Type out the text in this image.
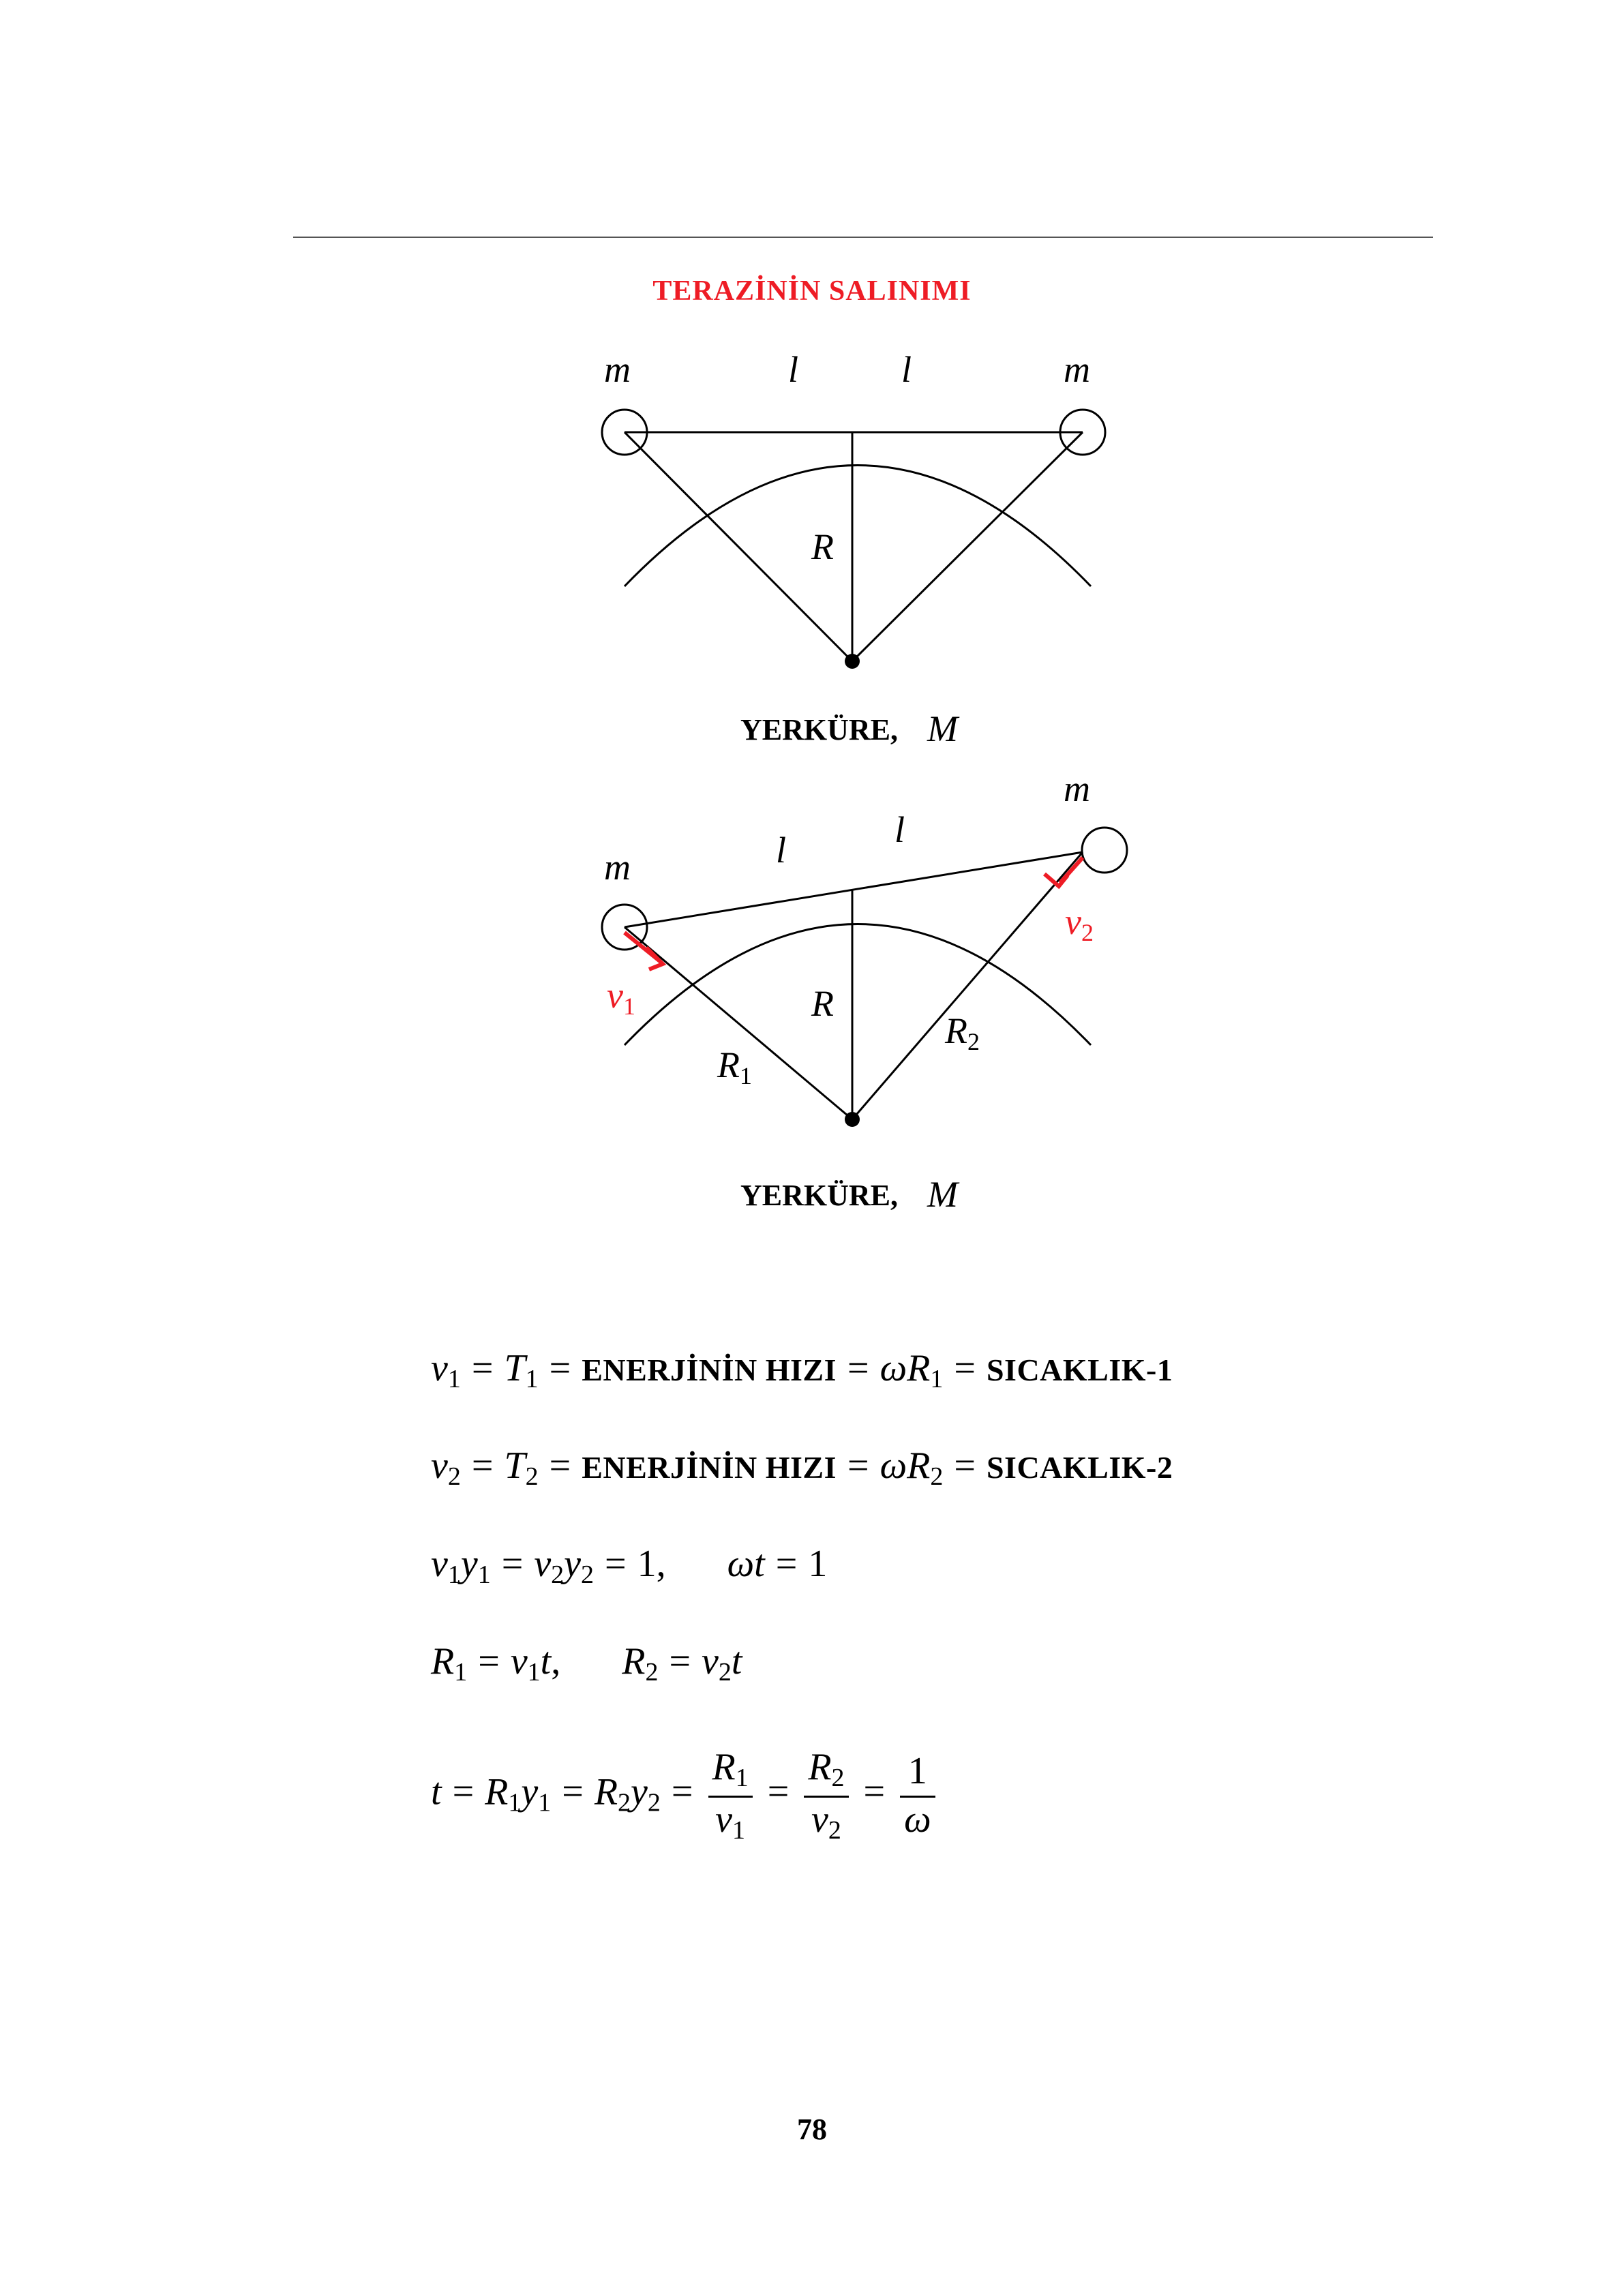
TERAZİNİN SALINIMI
m	l	l	m
R
YERKÜRE, M
m	l	l
m
R
R1
R2
v1
v2
YERKÜRE, M
$v_1 = T_1$ = ENERJİNİN HIZI = $\omega R_1$ = SICAKLIK-1
$v_2 = T_2$ = ENERJİNİN HIZI = $\omega R_2$ = SICAKLIK-2
$v_1y_1 = v_2y_2 = 1$, ωt = 1
$R_1 = v_1t$, $R_2 = v_2t$
$t = R_1y_1 = R_2y_2 = \frac{R_1}{v_1} = \frac{R_2}{v_2} = \frac{1}{\omega}$
78
